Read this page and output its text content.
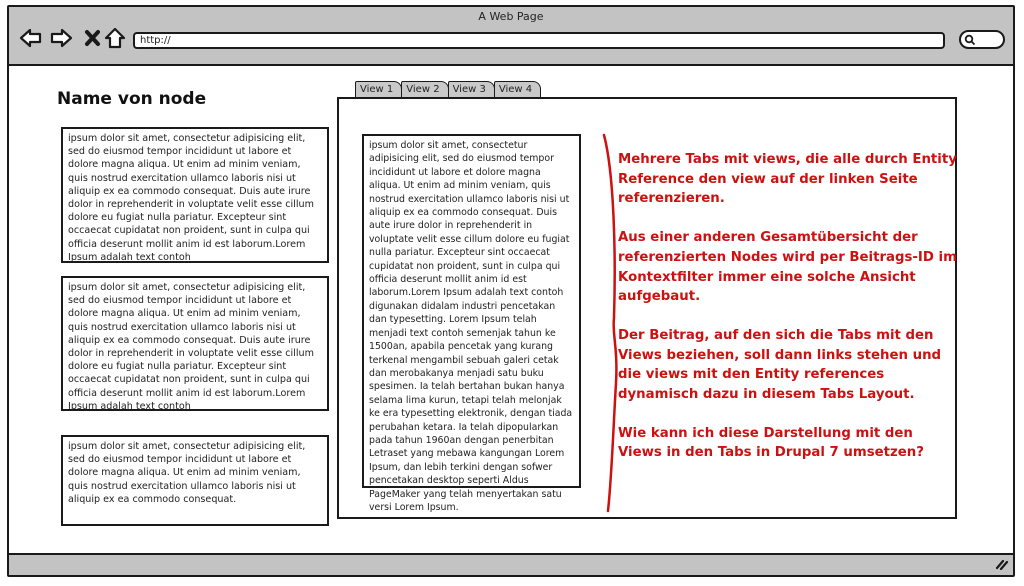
A Web Page
http://
Name von node
ipsum dolor sit amet, consectetur adipisicing elit, sed do eiusmod tempor incididunt ut labore et dolore magna aliqua. Ut enim ad minim veniam, quis nostrud exercitation ullamco laboris nisi ut aliquip ex ea commodo consequat. Duis aute irure dolor in reprehenderit in voluptate velit esse cillum dolore eu fugiat nulla pariatur. Excepteur sint occaecat cupidatat non proident, sunt in culpa qui officia deserunt mollit anim id est laborum.Lorem Ipsum adalah text contoh
ipsum dolor sit amet, consectetur adipisicing elit, sed do eiusmod tempor incididunt ut labore et dolore magna aliqua. Ut enim ad minim veniam, quis nostrud exercitation ullamco laboris nisi ut aliquip ex ea commodo consequat. Duis aute irure dolor in reprehenderit in voluptate velit esse cillum dolore eu fugiat nulla pariatur. Excepteur sint occaecat cupidatat non proident, sunt in culpa qui officia deserunt mollit anim id est laborum.Lorem Ipsum adalah text contoh
ipsum dolor sit amet, consectetur adipisicing elit, sed do eiusmod tempor incididunt ut labore et dolore magna aliqua. Ut enim ad minim veniam, quis nostrud exercitation ullamco laboris nisi ut aliquip ex ea commodo consequat.
View 1	View 2	View 3	View 4
ipsum dolor sit amet, consectetur adipisicing elit, sed do eiusmod tempor incididunt ut labore et dolore magna aliqua. Ut enim ad minim veniam, quis nostrud exercitation ullamco laboris nisi ut aliquip ex ea commodo consequat. Duis aute irure dolor in reprehenderit in voluptate velit esse cillum dolore eu fugiat nulla pariatur. Excepteur sint occaecat cupidatat non proident, sunt in culpa qui officia deserunt mollit anim id est laborum.Lorem Ipsum adalah text contoh digunakan didalam industri pencetakan dan typesetting. Lorem Ipsum telah menjadi text contoh semenjak tahun ke 1500an, apabila pencetak yang kurang terkenal mengambil sebuah galeri cetak dan merobakanya menjadi satu buku spesimen. Ia telah bertahan bukan hanya selama lima kurun, tetapi telah melonjak ke era typesetting elektronik, dengan tiada perubahan ketara. Ia telah dipopularkan pada tahun 1960an dengan penerbitan Letraset yang mebawa kangungan Lorem Ipsum, dan lebih terkini dengan sofwer pencetakan desktop seperti Aldus PageMaker yang telah menyertakan satu versi Lorem Ipsum.

Mehrere Tabs mit views, die alle durch Entity Reference den view auf der linken Seite referenzieren.

Aus einer anderen Gesamtübersicht der referenzierten Nodes wird per Beitrags-ID im Kontextfilter immer eine solche Ansicht aufgebaut.

Der Beitrag, auf den sich die Tabs mit den Views beziehen, soll dann links stehen und die views mit den Entity references dynamisch dazu in diesem Tabs Layout.

Wie kann ich diese Darstellung mit den Views in den Tabs in Drupal 7 umsetzen?
